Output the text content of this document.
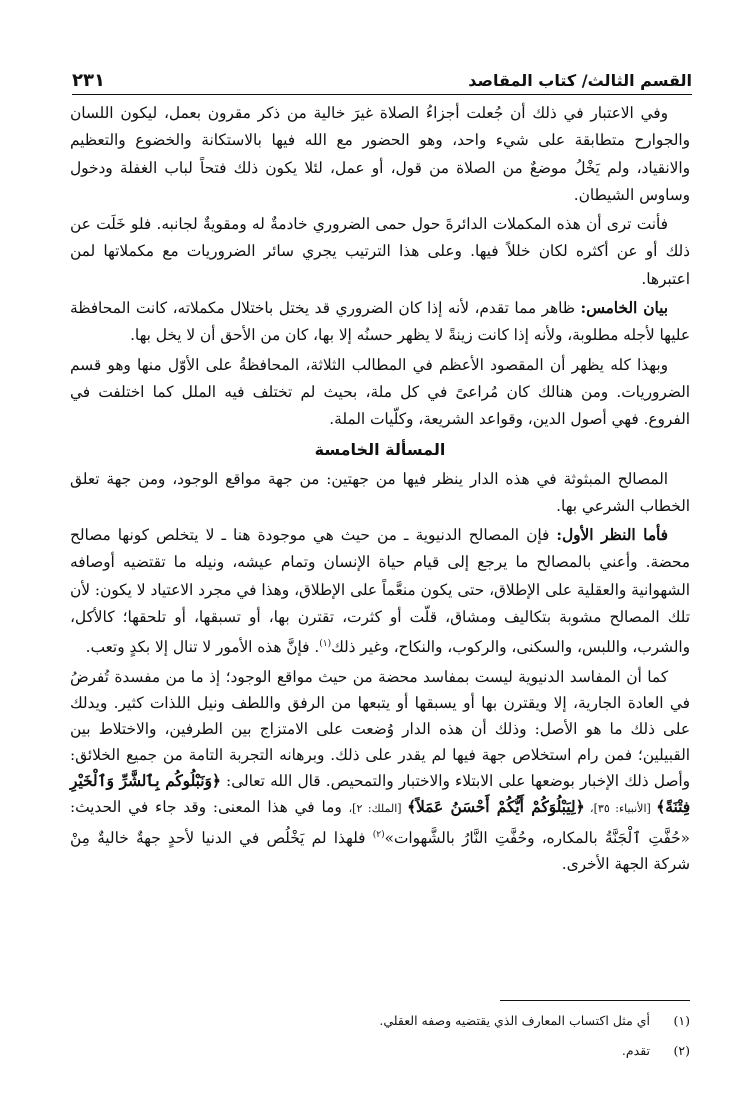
القسم الثالث/ كتاب المقاصد
٢٣١

وفي الاعتبار في ذلك أن جُعلت أجزاءُ الصلاة غيرَ خالية من ذكر مقرون بعمل، ليكون اللسان والجوارح متطابقة على شيء واحد، وهو الحضور مع الله فيها بالاستكانة والخضوع والتعظيم والانقياد، ولم يَخْلُ موضعٌ من الصلاة من قول، أو عمل، لئلا يكون ذلك فتحاً لباب الغفلة ودخول وساوس الشيطان.

فأنت ترى أن هذه المكملات الدائرةَ حول حمى الضروري خادمةٌ له ومقويةٌ لجانبه. فلو خَلَت عن ذلك أو عن أكثره لكان خللاً فيها. وعلى هذا الترتيب يجري سائر الضروريات مع مكملاتها لمن اعتبرها.

بيان الخامس: ظاهر مما تقدم، لأنه إذا كان الضروري قد يختل باختلال مكملاته، كانت المحافظة عليها لأجله مطلوبة، ولأنه إذا كانت زينةً لا يظهر حسنُه إلا بها، كان من الأحق أن لا يخل بها.

وبهذا كله يظهر أن المقصود الأعظم في المطالب الثلاثة، المحافظةُ على الأوّل منها وهو قسم الضروريات. ومن هنالك كان مُراعىً في كل ملة، بحيث لم تختلف فيه الملل كما اختلفت في الفروع. فهي أصول الدين، وقواعد الشريعة، وكلّيات الملة.

المسألة الخامسة

المصالح المبثوثة في هذه الدار ينظر فيها من جهتين: من جهة مواقع الوجود، ومن جهة تعلق الخطاب الشرعي بها.

فأما النظر الأول: فإن المصالح الدنيوية ـ من حيث هي موجودة هنا ـ لا يتخلص كونها مصالح محضة. وأعني بالمصالح ما يرجع إلى قيام حياة الإنسان وتمام عيشه، ونيله ما تقتضيه أوصافه الشهوانية والعقلية على الإطلاق، حتى يكون منعَّماً على الإطلاق، وهذا في مجرد الاعتياد لا يكون: لأن تلك المصالح مشوبة بتكاليف ومشاق، قلّت أو كثرت، تقترن بها، أو تسبقها، أو تلحقها؛ كالأكل، والشرب، واللبس، والسكنى، والركوب، والنكاح، وغير ذلك$^{(١)}$. فإنَّ هذه الأمور لا تنال إلا بكدٍ وتعب.

كما أن المفاسد الدنيوية ليست بمفاسد محضة من حيث مواقع الوجود؛ إذ ما من مفسدة تُفرضُ في العادة الجارية، إلا ويقترن بها أو يسبقها أو يتبعها من الرفق واللطف ونيل اللذات كثير. ويدلك على ذلك ما هو الأصل: وذلك أن هذه الدار وُضعت على الامتزاج بين الطرفين، والاختلاط بين القبيلين؛ فمن رام استخلاص جهة فيها لم يقدر على ذلك. وبرهانه التجربة التامة من جميع الخلائق: وأصل ذلك الإخبار بوضعها على الابتلاء والاختبار والتمحيص. قال الله تعالى: ﴿وَنَبْلُوكُم بِٱلشَّرِّ وَٱلْخَيْرِ فِتْنَةً﴾ [الأنبياء: ٣٥]، ﴿لِيَبْلُوَكُمْ أَيُّكُمْ أَحْسَنُ عَمَلاً﴾ [الملك: ٢]، وما في هذا المعنى: وقد جاء في الحديث: «حُفَّتِ ٱلْجَنَّةُ بالمكاره، وحُفَّتِ النَّارُ بالشَّهوات»$^{(٢)}$ فلهذا لم يَخْلُص في الدنيا لأحدٍ جهةٌ خاليةٌ مِنْ شركة الجهة الأخرى.

(١)
أي مثل اكتساب المعارف الذي يقتضيه وصفه العقلي.
(٢)
تقدم.
